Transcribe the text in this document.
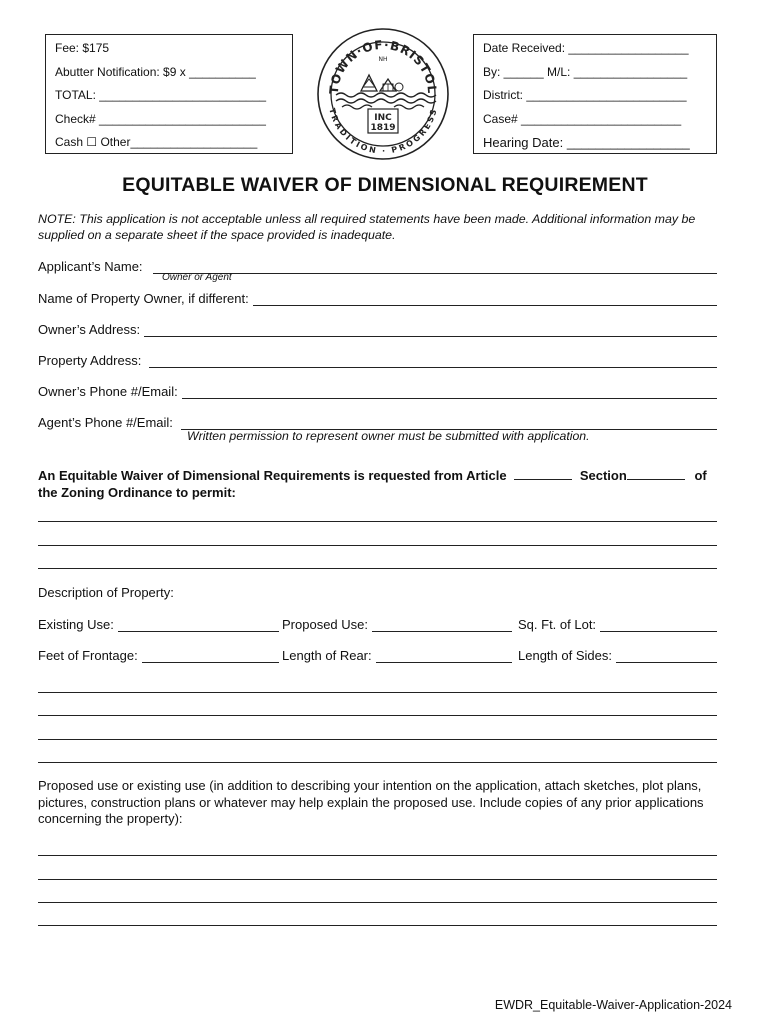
Fee: $175
Abutter Notification: $9 x __________
TOTAL: _________________________
Check# _________________________
Cash ☐ Other___________________
TOWN·OF·BRISTOL
TRADITION · PROGRESS
NH
INC
1819
Date Received: __________________
By: ______ M/L: _________________
District: ________________________
Case# ________________________
Hearing Date: _________________
EQUITABLE WAIVER OF DIMENSIONAL REQUIREMENT
NOTE: This application is not acceptable unless all required statements have been made. Additional information may be supplied on a separate sheet if the space provided is inadequate.
Applicant’s Name:
Owner or Agent
Name of Property Owner, if different:
Owner’s Address:
Property Address:
Owner’s Phone #/Email:
Agent’s Phone #/Email:
Written permission to represent owner must be submitted with application.
An Equitable Waiver of Dimensional Requirements is requested from Article	Section	of
the Zoning Ordinance to permit:
Description of Property:
Existing Use:	Proposed Use:	Sq. Ft. of Lot:
Feet of Frontage:	Length of Rear:	Length of Sides:
Proposed use or existing use (in addition to describing your intention on the application, attach sketches, plot plans, pictures, construction plans or whatever may help explain the proposed use. Include copies of any prior applications concerning the property):
EWDR_Equitable-Waiver-Application-2024
